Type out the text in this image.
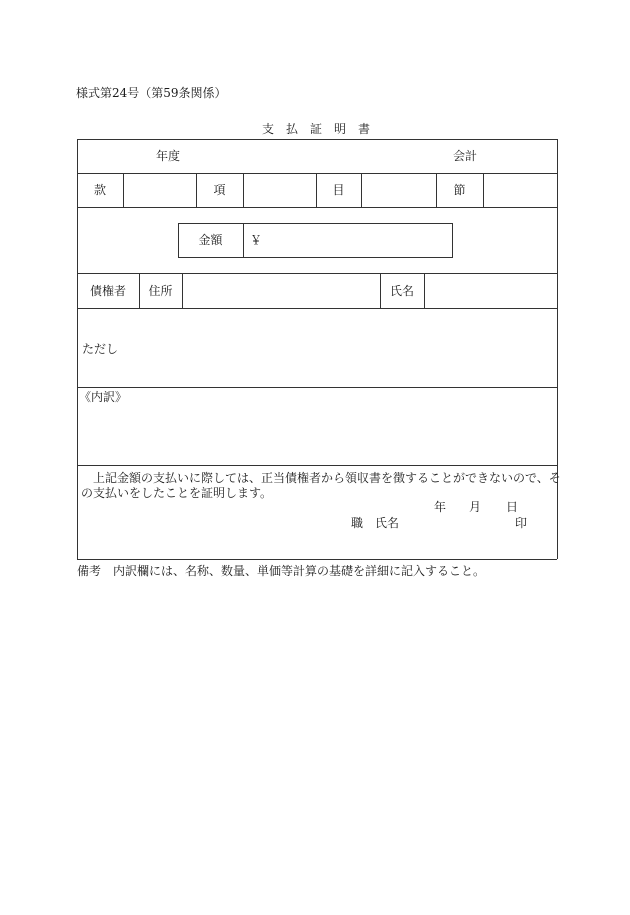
様式第24号（第59条関係）
支　払　証　明　書
年度	会計
款	項	目	節
金額	￥
債権者	住所	氏名
ただし
《内訳》
上記金額の支払いに際しては、正当債権者から領収書を徴することができないので、そ
の支払いをしたことを証明します。
年 月 日
職　氏名	印
備考　内訳欄には、名称、数量、単価等計算の基礎を詳細に記入すること。
